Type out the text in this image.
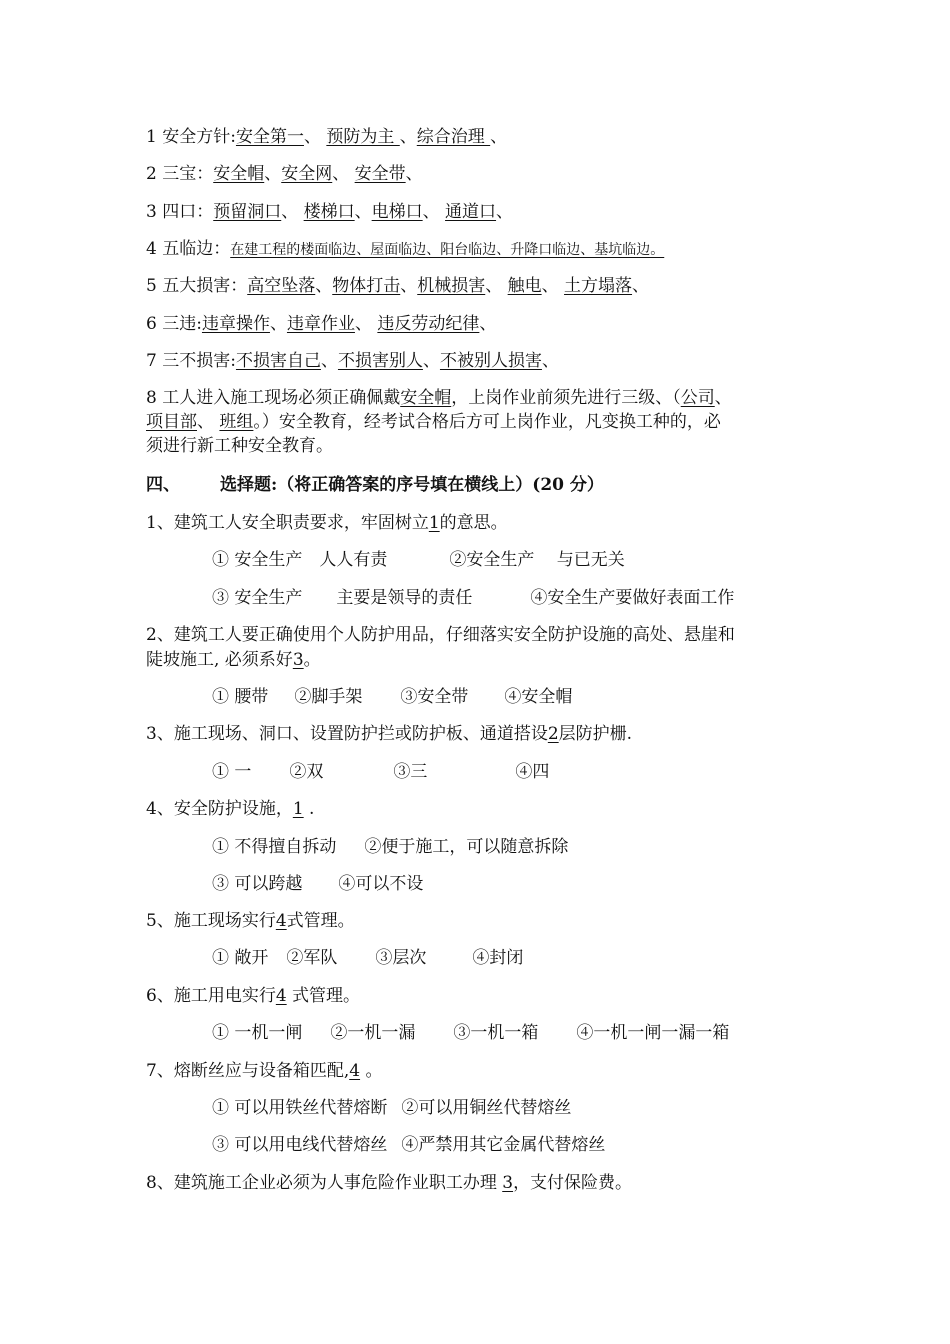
1 安全方针:安全第一、 预防为主 、综合治理 、
2 三宝：安全帽、安全网、 安全带、
3 四口：预留洞口、 楼梯口、电梯口、 通道口、
4 五临边：在建工程的楼面临边、屋面临边、阳台临边、升降口临边、基坑临边。
5 五大损害：高空坠落、物体打击、机械损害、 触电、 土方塌落、
6 三违:违章操作、违章作业、 违反劳动纪律、
7 三不损害:不损害自己、不损害别人、不被别人损害、
8 工人进入施工现场必须正确佩戴安全帽，上岗作业前须先进行三级、（公司、
项目部、 班组。）安全教育，经考试合格后方可上岗作业，凡变换工种的，必
须进行新工种安全教育。
四、 选择题:（将正确答案的序号填在横线上）(20 分）
1、建筑工人安全职责要求，牢固树立1的意思。
① 安全生产　人人有责	②安全生产　 与已无关
③ 安全生产　　主要是领导的责任	④安全生产要做好表面工作
2、建筑工人要正确使用个人防护用品，仔细落实安全防护设施的高处、悬崖和
陡坡施工, 必须系好3。
① 腰带 ②脚手架 ③安全带 ④安全帽
3、施工现场、洞口、设置防护拦或防护板、通道搭设2层防护栅.
① 一 ②双	③三	④四
4、安全防护设施，1 .
① 不得擅自拆动 ②便于施工，可以随意拆除
③ 可以跨越 ④可以不设
5、施工现场实行4式管理。
① 敞开 ②军队 ③层次	④封闭
6、施工用电实行4 式管理。
① 一机一闸 ②一机一漏 ③一机一箱 ④一机一闸一漏一箱
7、熔断丝应与设备箱匹配,4 。
① 可以用铁丝代替熔断 ②可以用铜丝代替熔丝
③ 可以用电线代替熔丝 ④严禁用其它金属代替熔丝
8、建筑施工企业必须为人事危险作业职工办理 3，支付保险费。
